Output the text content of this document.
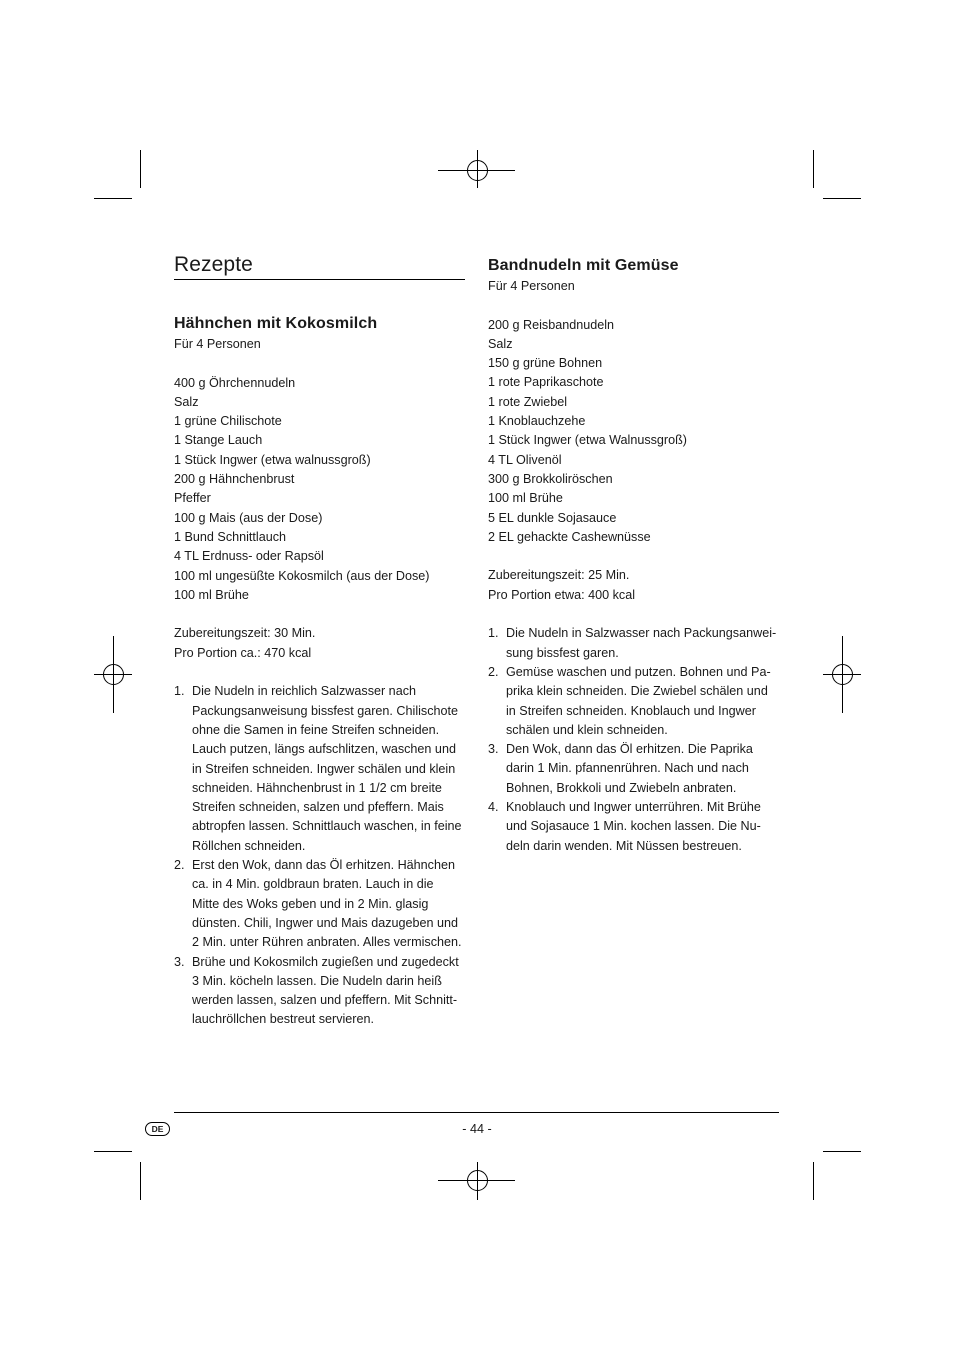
Rezepte
Hähnchen mit Kokosmilch
Für 4 Personen
400 g Öhrchennudeln
Salz
1 grüne Chilischote
1 Stange Lauch
1 Stück Ingwer (etwa walnussgroß)
200 g Hähnchenbrust
Pfeffer
100 g Mais (aus der Dose)
1 Bund Schnittlauch
4 TL Erdnuss- oder Rapsöl
100 ml ungesüßte Kokosmilch (aus der Dose)
100 ml Brühe
Zubereitungszeit: 30 Min.
Pro Portion ca.: 470 kcal
1. Die Nudeln in reichlich Salzwasser nach
Packungsanweisung bissfest garen. Chilischote
ohne die Samen in feine Streifen schneiden.
Lauch putzen, längs aufschlitzen, waschen und
in Streifen schneiden. Ingwer schälen und klein
schneiden. Hähnchenbrust in 1 1/2 cm breite
Streifen schneiden, salzen und pfeffern. Mais
abtropfen lassen. Schnittlauch waschen, in feine
Röllchen schneiden.
2. Erst den Wok, dann das Öl erhitzen. Hähnchen
ca. in 4 Min. goldbraun braten. Lauch in die
Mitte des Woks geben und in 2 Min. glasig
dünsten. Chili, Ingwer und Mais dazugeben und
2 Min. unter Rühren anbraten. Alles vermischen.
3. Brühe und Kokosmilch zugießen und zugedeckt
3 Min. köcheln lassen. Die Nudeln darin heiß
werden lassen, salzen und pfeffern. Mit Schnitt-
lauchröllchen bestreut servieren.
Bandnudeln mit Gemüse
Für 4 Personen
200 g Reisbandnudeln
Salz
150 g grüne Bohnen
1 rote Paprikaschote
1 rote Zwiebel
1 Knoblauchzehe
1 Stück Ingwer (etwa Walnussgroß)
4 TL Olivenöl
300 g Brokkoliröschen
100 ml Brühe
5 EL dunkle Sojasauce
2 EL gehackte Cashewnüsse
Zubereitungszeit: 25 Min.
Pro Portion etwa: 400 kcal
1. Die Nudeln in Salzwasser nach Packungsanwei-
sung bissfest garen.
2. Gemüse waschen und putzen. Bohnen und Pa-
prika klein schneiden. Die Zwiebel schälen und
in Streifen schneiden. Knoblauch und Ingwer
schälen und klein schneiden.
3. Den Wok, dann das Öl erhitzen. Die Paprika
darin 1 Min. pfannenrühren. Nach und nach
Bohnen, Brokkoli und Zwiebeln anbraten.
4. Knoblauch und Ingwer unterrühren. Mit Brühe
und Sojasauce 1 Min. kochen lassen. Die Nu-
deln darin wenden. Mit Nüssen bestreuen.
DE	- 44 -
